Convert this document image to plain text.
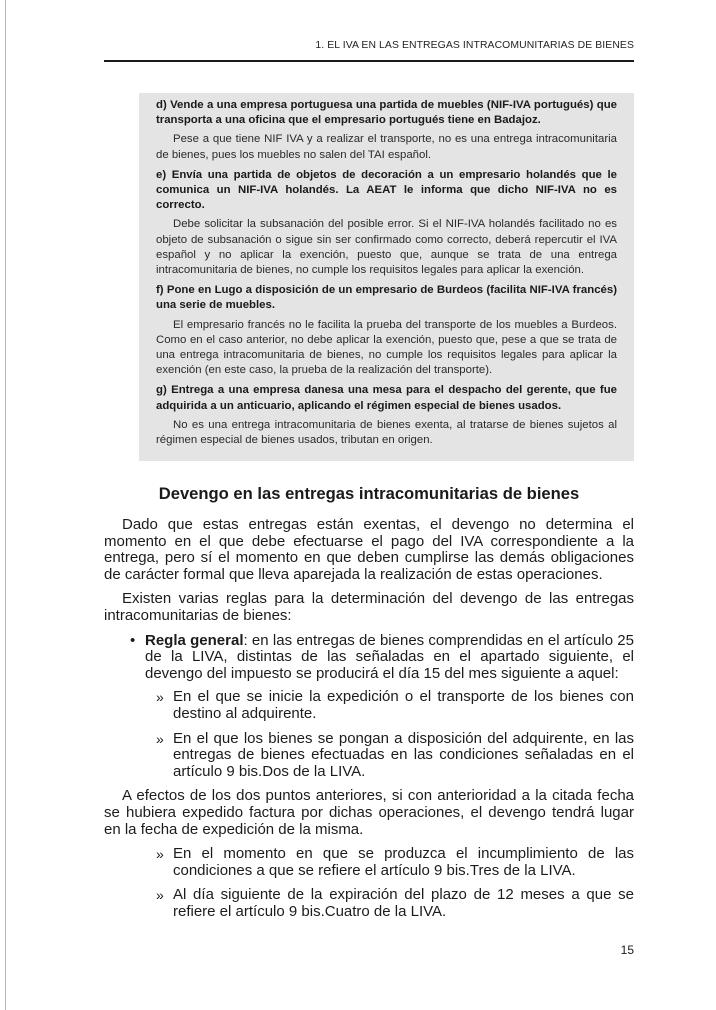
1. EL IVA EN LAS ENTREGAS INTRACOMUNITARIAS DE BIENES

d) Vende a una empresa portuguesa una partida de muebles (NIF-IVA portugués) que transporta a una oficina que el empresario portugués tiene en Badajoz.

Pese a que tiene NIF IVA y a realizar el transporte, no es una entrega intracomunitaria de bienes, pues los muebles no salen del TAI español.

e) Envía una partida de objetos de decoración a un empresario holandés que le comunica un NIF-IVA holandés. La AEAT le informa que dicho NIF-IVA no es correcto.

Debe solicitar la subsanación del posible error. Si el NIF-IVA holandés facilitado no es objeto de subsanación o sigue sin ser confirmado como correcto, deberá repercutir el IVA español y no aplicar la exención, puesto que, aunque se trata de una entrega intracomunitaria de bienes, no cumple los requisitos legales para aplicar la exención.

f) Pone en Lugo a disposición de un empresario de Burdeos (facilita NIF-IVA francés) una serie de muebles.

El empresario francés no le facilita la prueba del transporte de los muebles a Burdeos. Como en el caso anterior, no debe aplicar la exención, puesto que, pese a que se trata de una entrega intracomunitaria de bienes, no cumple los requisitos legales para aplicar la exención (en este caso, la prueba de la realización del transporte).

g) Entrega a una empresa danesa una mesa para el despacho del gerente, que fue adquirida a un anticuario, aplicando el régimen especial de bienes usados.

No es una entrega intracomunitaria de bienes exenta, al tratarse de bienes sujetos al régimen especial de bienes usados, tributan en origen.

Devengo en las entregas intracomunitarias de bienes

Dado que estas entregas están exentas, el devengo no determina el momento en el que debe efectuarse el pago del IVA correspondiente a la entrega, pero sí el momento en que deben cumplirse las demás obligaciones de carácter formal que lleva aparejada la realización de estas operaciones.

Existen varias reglas para la determinación del devengo de las entregas intracomunitarias de bienes:

• Regla general: en las entregas de bienes comprendidas en el artículo 25 de la LIVA, distintas de las señaladas en el apartado siguiente, el devengo del impuesto se producirá el día 15 del mes siguiente a aquel:
» En el que se inicie la expedición o el transporte de los bienes con destino al adquirente.
» En el que los bienes se pongan a disposición del adquirente, en las entregas de bienes efectuadas en las condiciones señaladas en el artículo 9 bis.Dos de la LIVA.

A efectos de los dos puntos anteriores, si con anterioridad a la citada fecha se hubiera expedido factura por dichas operaciones, el devengo tendrá lugar en la fecha de expedición de la misma.

» En el momento en que se produzca el incumplimiento de las condiciones a que se refiere el artículo 9 bis.Tres de la LIVA.
» Al día siguiente de la expiración del plazo de 12 meses a que se refiere el artículo 9 bis.Cuatro de la LIVA.
15
